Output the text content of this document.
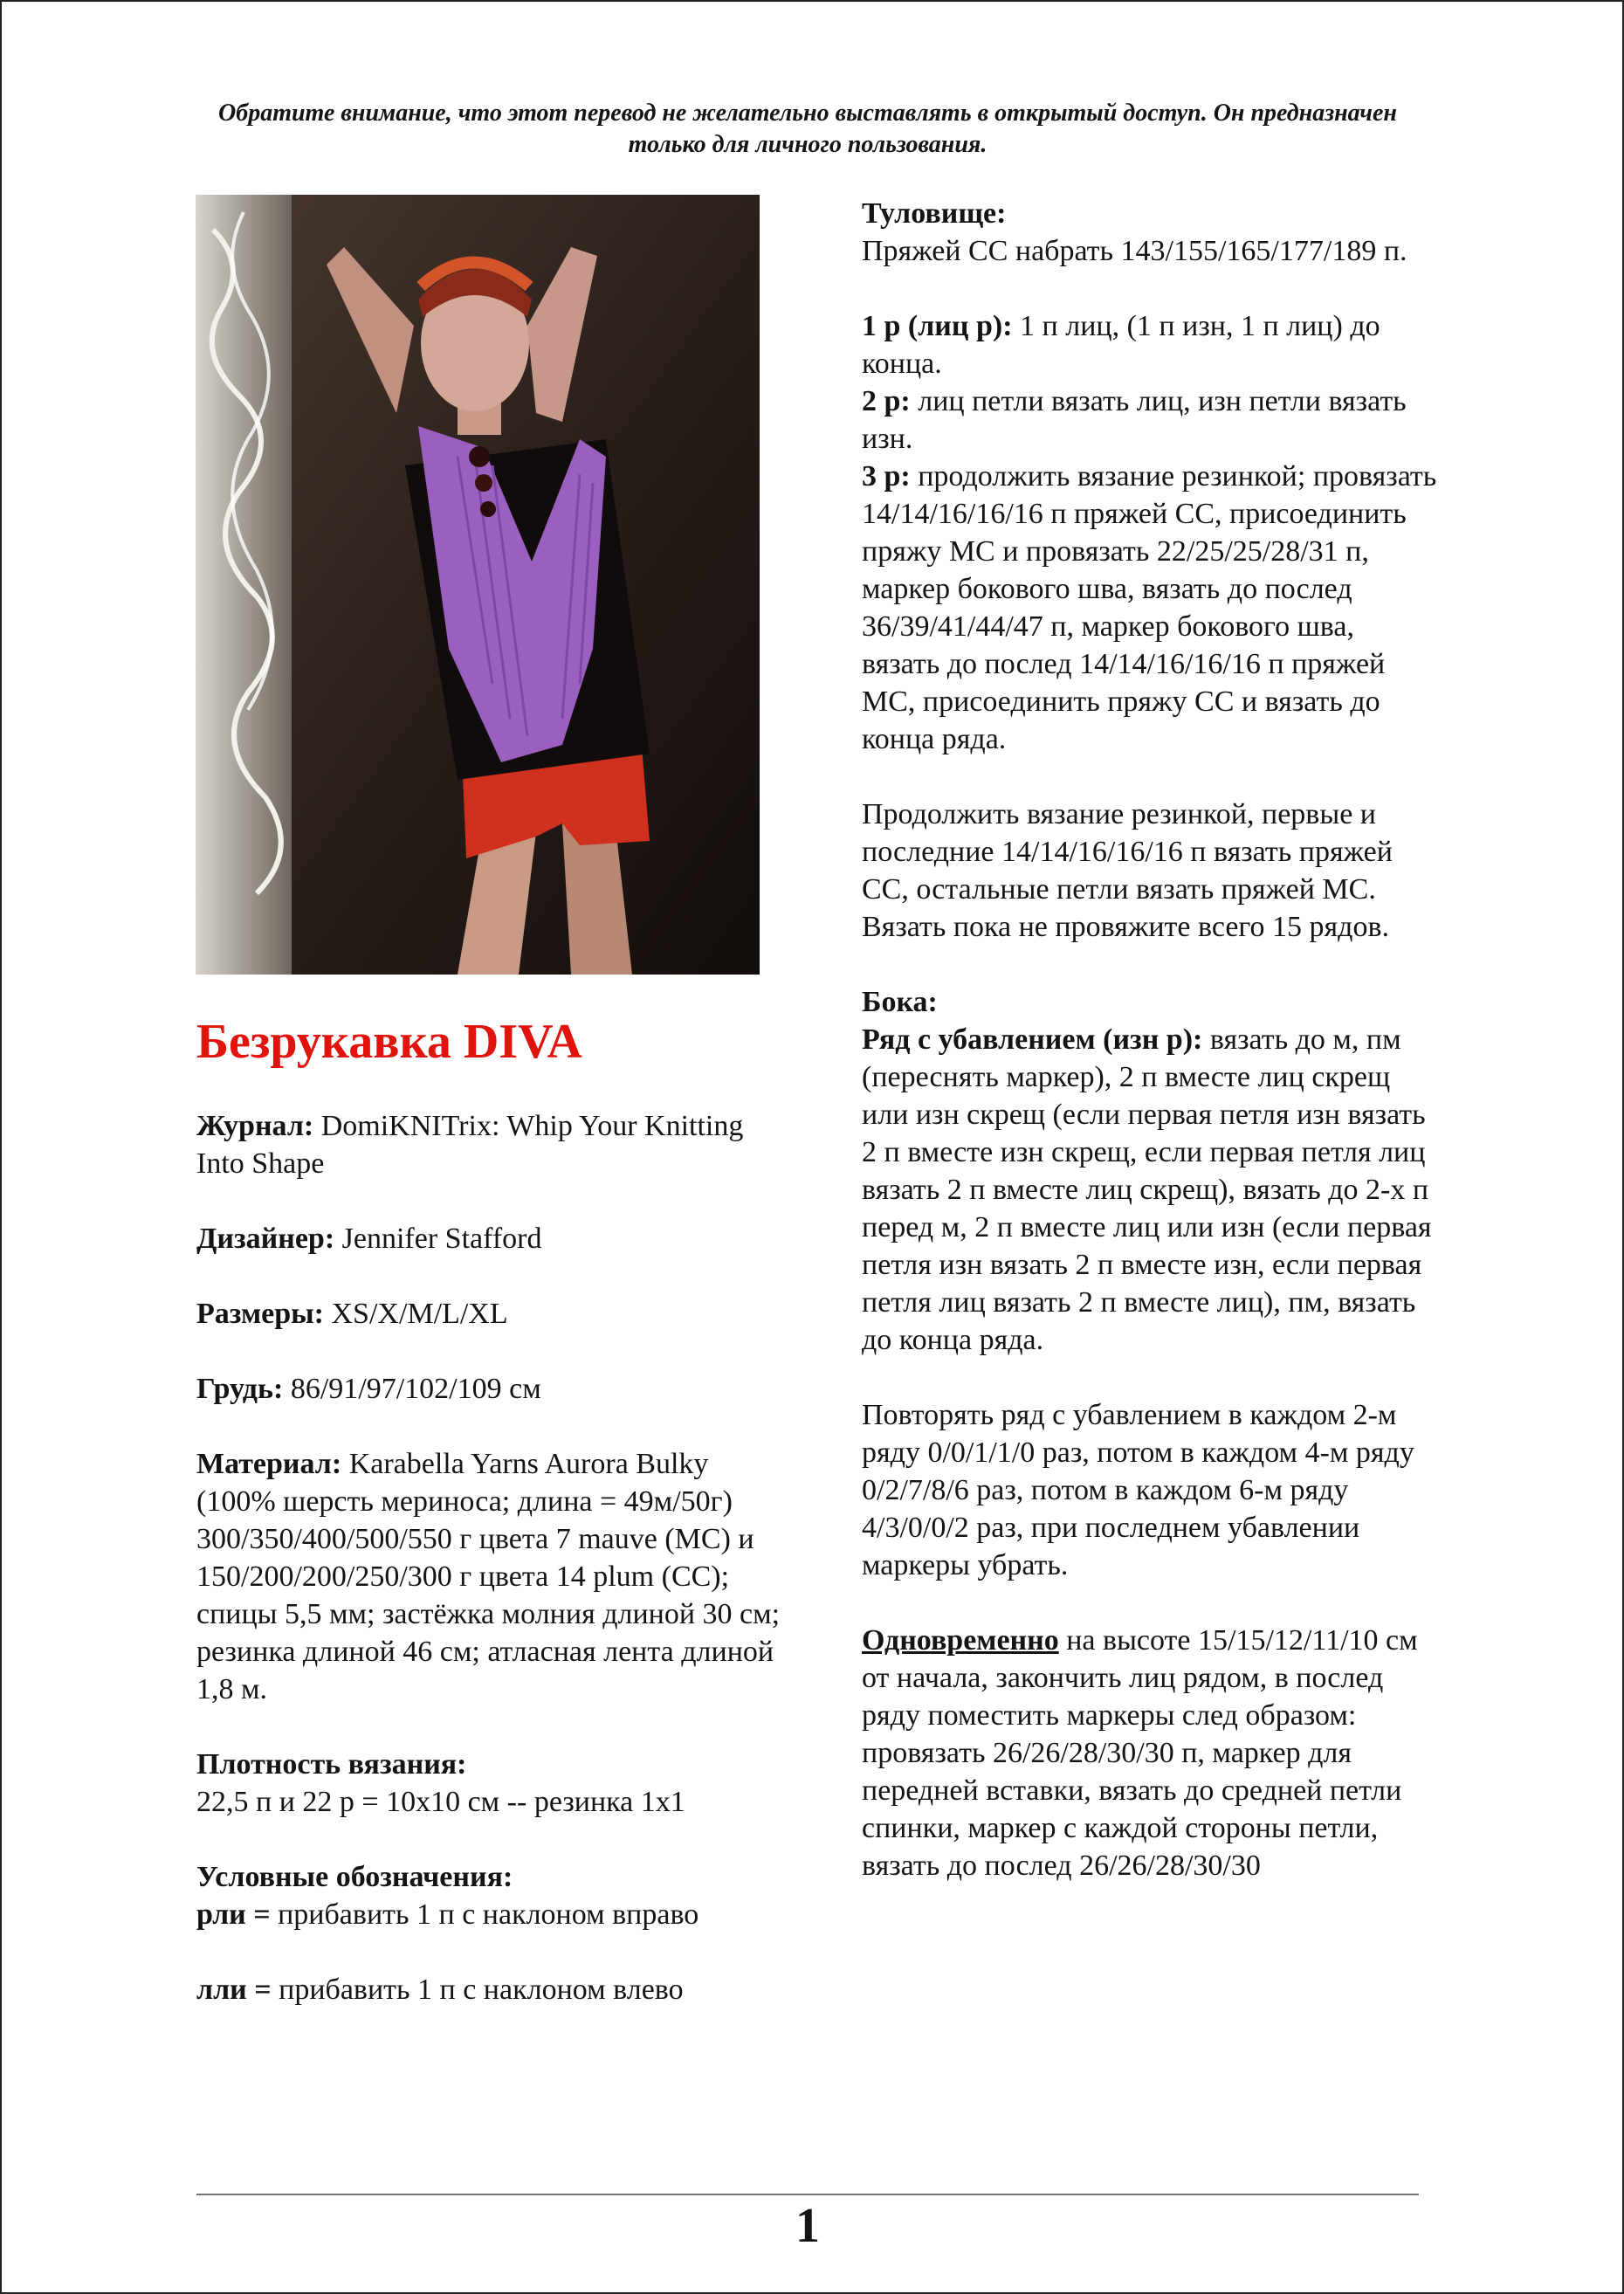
Обратите внимание, что этот перевод не желательно выставлять в открытый доступ. Он предназначен только для личного пользования.
Безрукавка DIVA
Журнал: DomiKNITrix: Whip Your Knitting Into Shape
Дизайнер: Jennifer Stafford
Размеры: XS/X/M/L/XL
Грудь: 86/91/97/102/109 см
Материал: Karabella Yarns Aurora Bulky (100% шерсть мериноса; длина = 49м/50г) 300/350/400/500/550 г цвета 7 mauve (МС) и 150/200/200/250/300 г цвета 14 plum (СС); спицы 5,5 мм; застёжка молния длиной 30 см; резинка длиной 46 см; атласная лента длиной 1,8 м.
Плотность вязания:
22,5 п и 22 р = 10х10 см -- резинка 1х1
Условные обозначения:
рли = прибавить 1 п с наклоном вправо
лли = прибавить 1 п с наклоном влево
Туловище:
Пряжей СС набрать 143/155/165/177/189 п.
1 р (лиц р): 1 п лиц, (1 п изн, 1 п лиц) до конца.
2 р: лиц петли вязать лиц, изн петли вязать изн.
3 р: продолжить вязание резинкой; провязать 14/14/16/16/16 п пряжей СС, присоединить пряжу МС и провязать 22/25/25/28/31 п, маркер бокового шва, вязать до послед 36/39/41/44/47 п, маркер бокового шва, вязать до послед 14/14/16/16/16 п пряжей МС, присоединить пряжу СС и вязать до конца ряда.
Продолжить вязание резинкой, первые и последние 14/14/16/16/16 п вязать пряжей СС, остальные петли вязать пряжей МС. Вязать пока не провяжите всего 15 рядов.
Бока:
Ряд с убавлением (изн р): вязать до м, пм (переснять маркер), 2 п вместе лиц скрещ или изн скрещ (если первая петля изн вязать 2 п вместе изн скрещ, если первая петля лиц вязать 2 п вместе лиц скрещ), вязать до 2-х п перед м, 2 п вместе лиц или изн (если первая петля изн вязать 2 п вместе изн, если первая петля лиц вязать 2 п вместе лиц), пм, вязать до конца ряда.
Повторять ряд с убавлением в каждом 2-м ряду 0/0/1/1/0 раз, потом в каждом 4-м ряду 0/2/7/8/6 раз, потом в каждом 6-м ряду 4/3/0/0/2 раз, при последнем убавлении маркеры убрать.
Одновременно на высоте 15/15/12/11/10 см от начала, закончить лиц рядом, в послед ряду поместить маркеры след образом: провязать 26/26/28/30/30 п, маркер для передней вставки, вязать до средней петли спинки, маркер с каждой стороны петли, вязать до послед 26/26/28/30/30
1
